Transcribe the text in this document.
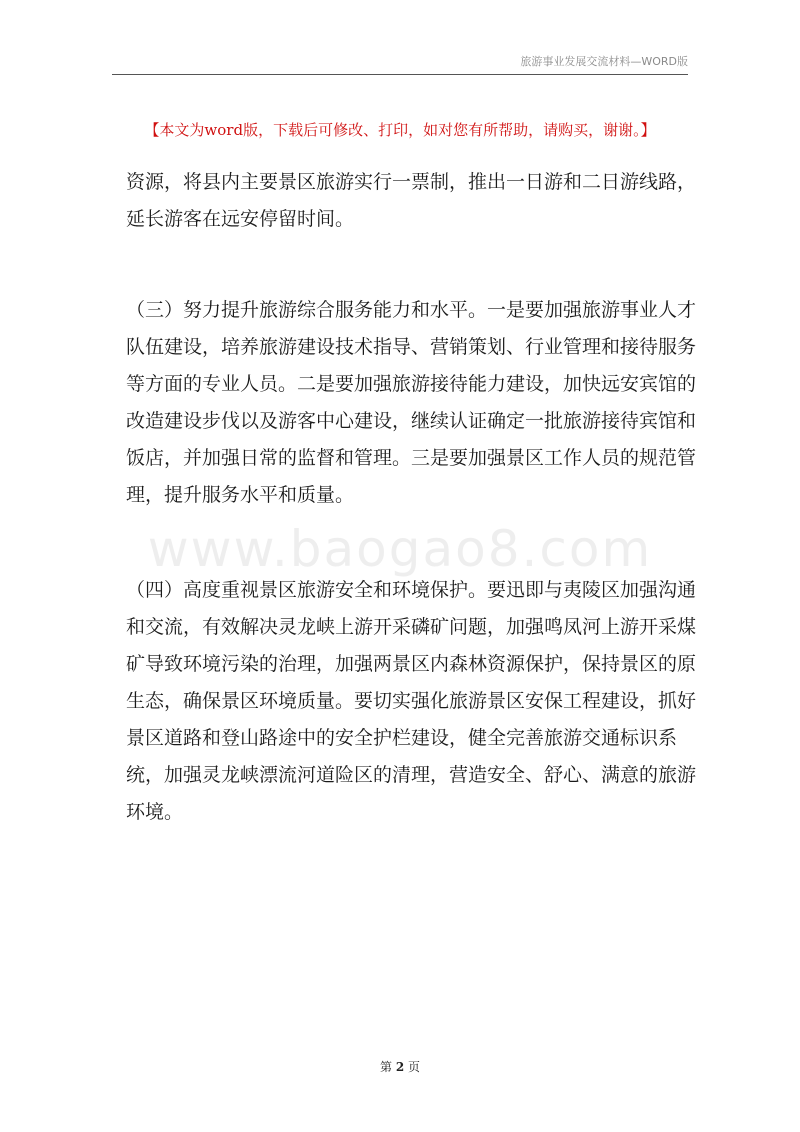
旅游事业发展交流材料—WORD版
【本文为word版，下载后可修改、打印，如对您有所帮助，请购买，谢谢。】
www.baogao8.com

资源，将县内主要景区旅游实行一票制，推出一日游和二日游线路，延长游客在远安停留时间。

（三）努力提升旅游综合服务能力和水平。一是要加强旅游事业人才队伍建设，培养旅游建设技术指导、营销策划、行业管理和接待服务等方面的专业人员。二是要加强旅游接待能力建设，加快远安宾馆的改造建设步伐以及游客中心建设，继续认证确定一批旅游接待宾馆和饭店，并加强日常的监督和管理。三是要加强景区工作人员的规范管理，提升服务水平和质量。

（四）高度重视景区旅游安全和环境保护。要迅即与夷陵区加强沟通和交流，有效解决灵龙峡上游开采磷矿问题，加强鸣凤河上游开采煤矿导致环境污染的治理，加强两景区内森林资源保护，保持景区的原生态，确保景区环境质量。要切实强化旅游景区安保工程建设，抓好景区道路和登山路途中的安全护栏建设，健全完善旅游交通标识系统，加强灵龙峡漂流河道险区的清理，营造安全、舒心、满意的旅游环境。

第 2 页
